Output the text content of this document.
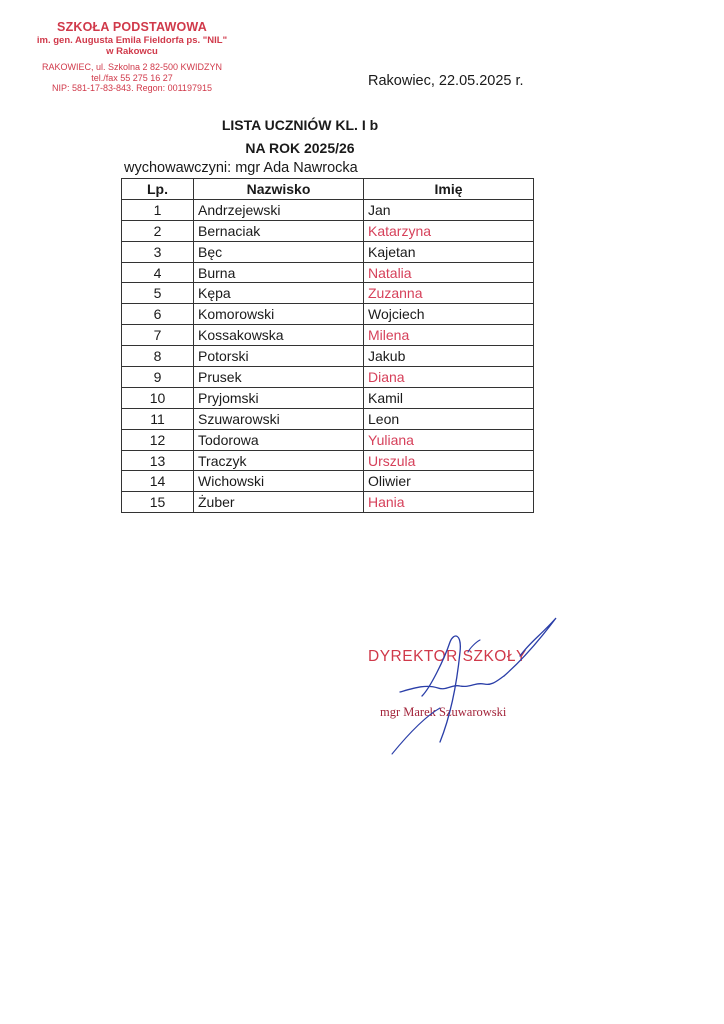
SZKOŁA PODSTAWOWA
im. gen. Augusta Emila Fieldorfa ps. "NIL"
w Rakowcu
RAKOWIEC, ul. Szkolna 2 82-500 KWIDZYN
tel./fax 55 275 16 27
NIP: 581-17-83-843. Regon: 001197915	Rakowiec, 22.05.2025 r.
LISTA UCZNIÓW KL. I b
NA ROK 2025/26
wychowawczyni: mgr Ada Nawrocka
Lp.	Nazwisko	Imię
1	Andrzejewski	Jan
2	Bernaciak	Katarzyna
3	Bęc	Kajetan
4	Burna	Natalia
5	Kępa	Zuzanna
6	Komorowski	Wojciech
7	Kossakowska	Milena
8	Potorski	Jakub
9	Prusek	Diana
10	Pryjomski	Kamil
11	Szuwarowski	Leon
12	Todorowa	Yuliana
13	Traczyk	Urszula
14	Wichowski	Oliwier
15	Żuber	Hania
DYREKTOR SZKOŁY
mgr Marek Szuwarowski
